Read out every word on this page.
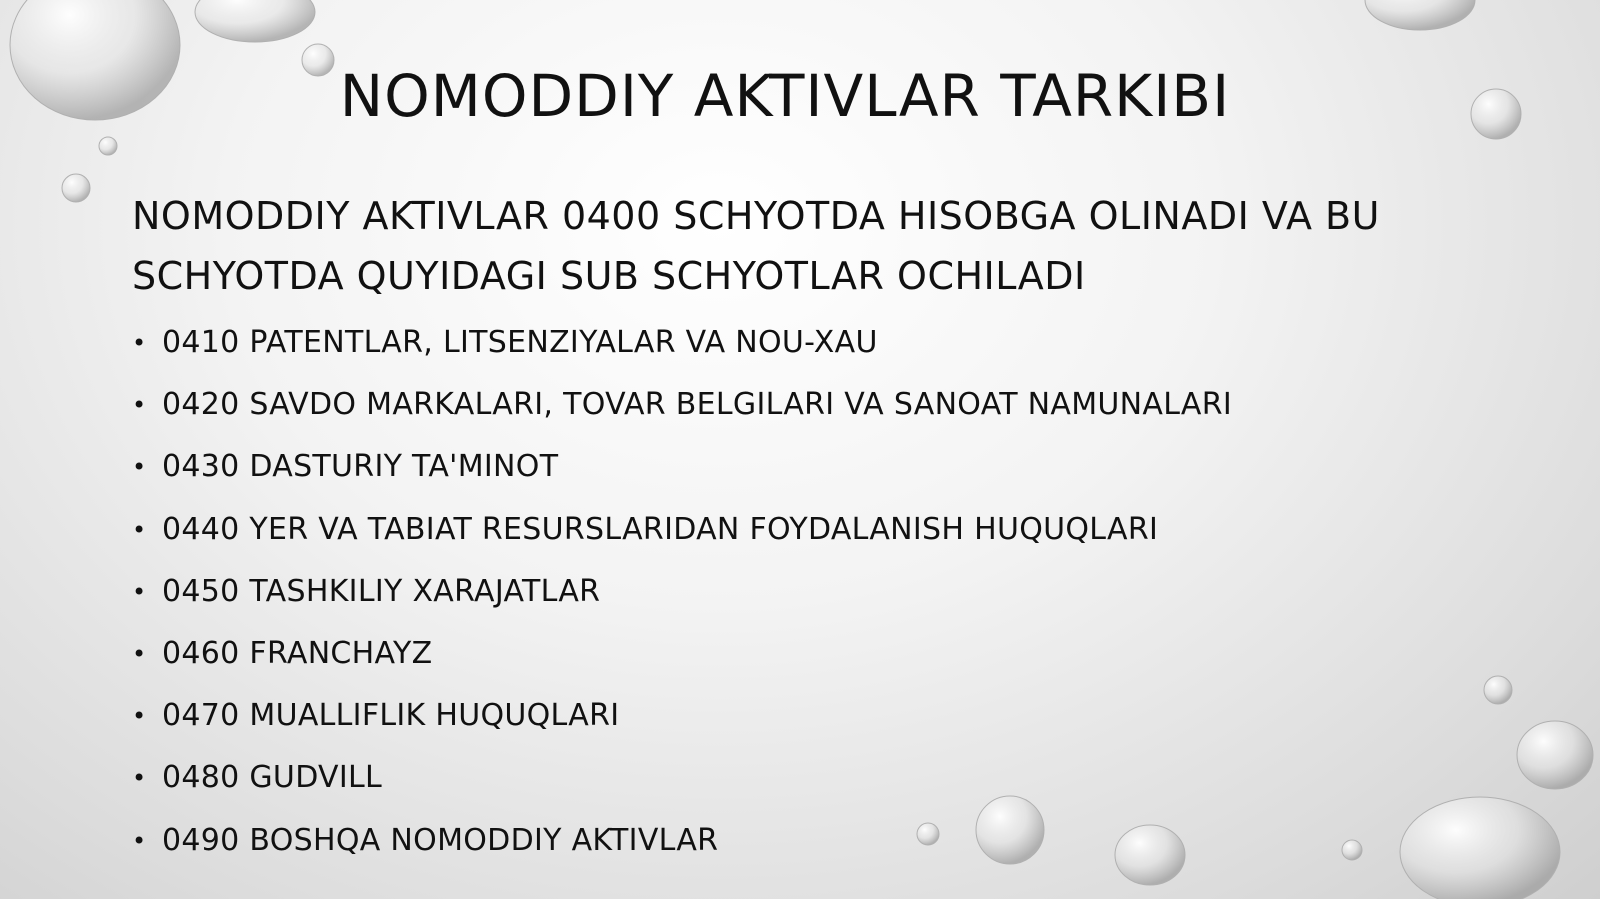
NOMODDIY AKTIVLAR TARKIBI

NOMODDIY AKTIVLAR 0400 SCHYOTDA HISOBGA OLINADI VA BU SCHYOTDA QUYIDAGI SUB SCHYOTLAR OCHILADI

• 0410 PATENTLAR, LITSENZIYALAR VA NOU-XAU
• 0420 SAVDO MARKALARI, TOVAR BELGILARI VA SANOAT NAMUNALARI
• 0430 DASTURIY TA'MINOT
• 0440 YER VA TABIAT RESURSLARIDAN FOYDALANISH HUQUQLARI
• 0450 TASHKILIY XARAJATLAR
• 0460 FRANCHAYZ
• 0470 MUALLIFLIK HUQUQLARI
• 0480 GUDVILL
• 0490 BOSHQA NOMODDIY AKTIVLAR
